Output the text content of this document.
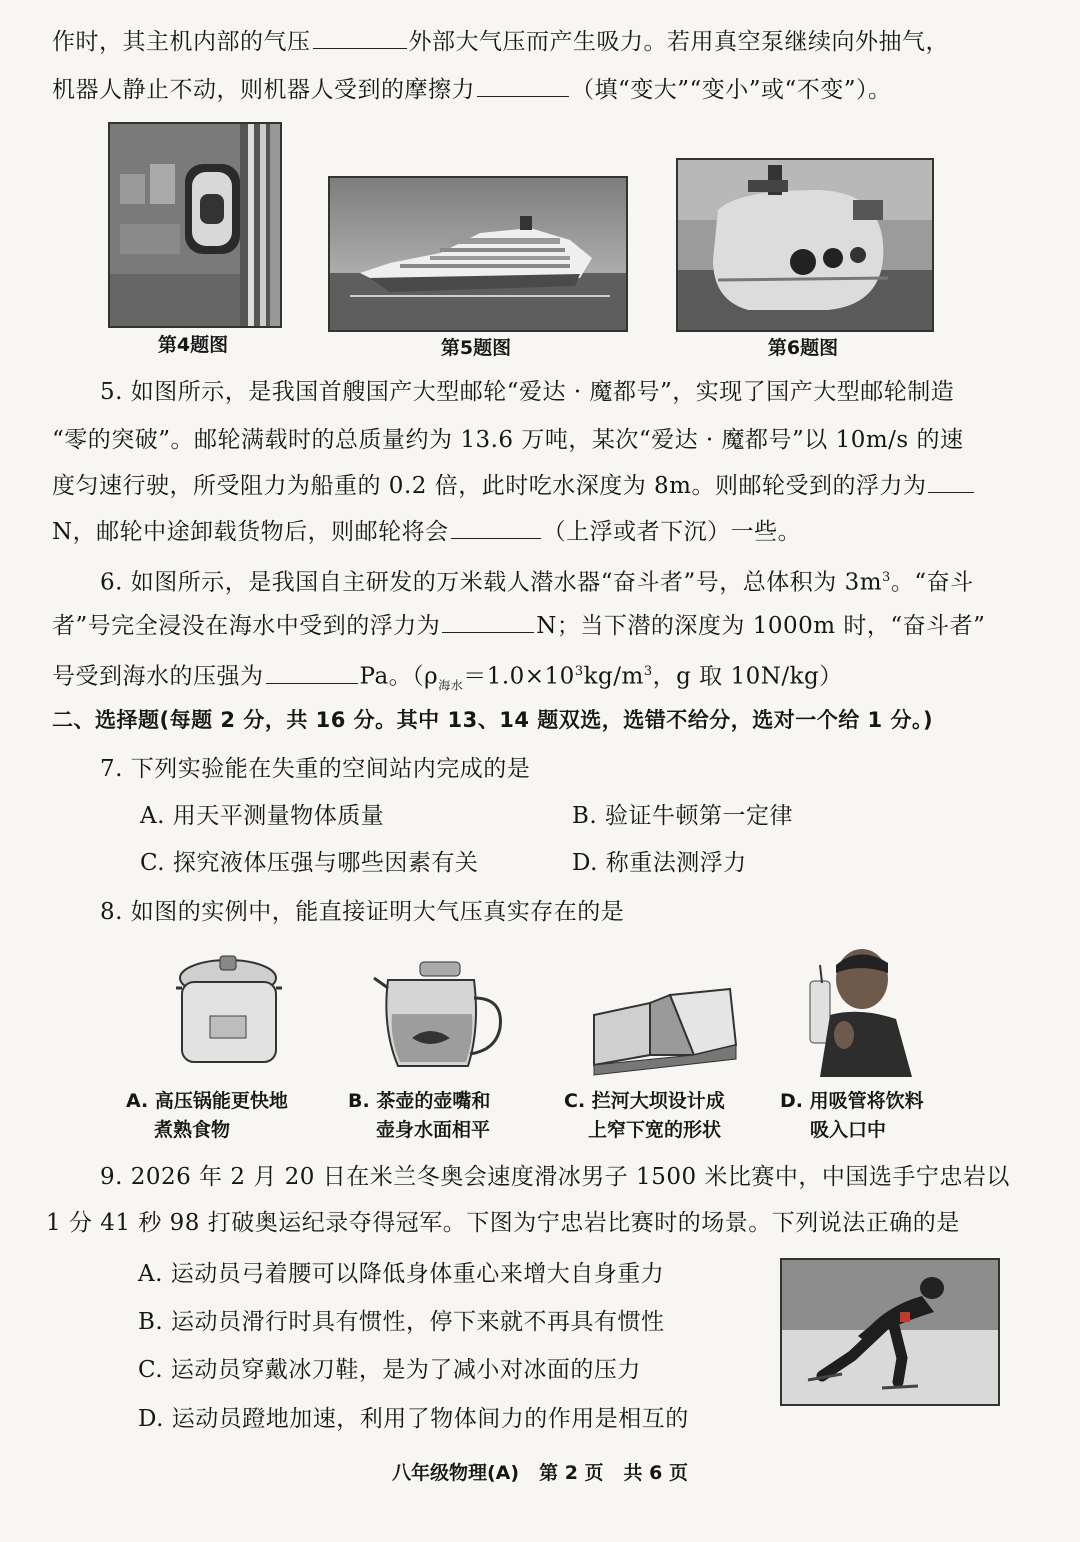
作时，其主机内部的气压	外部大气压而产生吸力。若用真空泵继续向外抽气，
机器人静止不动，则机器人受到的摩擦力	（填“变大”“变小”或“不变”）。
第4题图	第5题图	第6题图
5. 如图所示，是我国首艘国产大型邮轮“爱达 · 魔都号”，实现了国产大型邮轮制造
“零的突破”。邮轮满载时的总质量约为 13.6 万吨，某次“爱达 · 魔都号”以 10m/s 的速
度匀速行驶，所受阻力为船重的 0.2 倍，此时吃水深度为 8m。则邮轮受到的浮力为
N，邮轮中途卸载货物后，则邮轮将会	（上浮或者下沉）一些。
6. 如图所示，是我国自主研发的万米载人潜水器“奋斗者”号，总体积为 $3m^3$。“奋斗
者”号完全浸没在海水中受到的浮力为	N；当下潜的深度为 1000m 时，“奋斗者”
号受到海水的压强为	Pa。（$\rho_{海水}=1.0\times 10^3kg/m^3$，g 取 10N/kg）
二、选择题(每题 2 分，共 16 分。其中 13、14 题双选，选错不给分，选对一个给 1 分。)
7. 下列实验能在失重的空间站内完成的是
A. 用天平测量物体质量	B. 验证牛顿第一定律
C. 探究液体压强与哪些因素有关	D. 称重法测浮力
8. 如图的实例中，能直接证明大气压真实存在的是
A. 高压锅能更快地
煮熟食物
B. 茶壶的壶嘴和
壶身水面相平
C. 拦河大坝设计成
上窄下宽的形状
D. 用吸管将饮料
吸入口中
9. 2026 年 2 月 20 日在米兰冬奥会速度滑冰男子 1500 米比赛中，中国选手宁忠岩以
1 分 41 秒 98 打破奥运纪录夺得冠军。下图为宁忠岩比赛时的场景。下列说法正确的是
A. 运动员弓着腰可以降低身体重心来增大自身重力
B. 运动员滑行时具有惯性，停下来就不再具有惯性
C. 运动员穿戴冰刀鞋，是为了减小对冰面的压力
D. 运动员蹬地加速，利用了物体间力的作用是相互的
八年级物理(A) 第 2 页 共 6 页
